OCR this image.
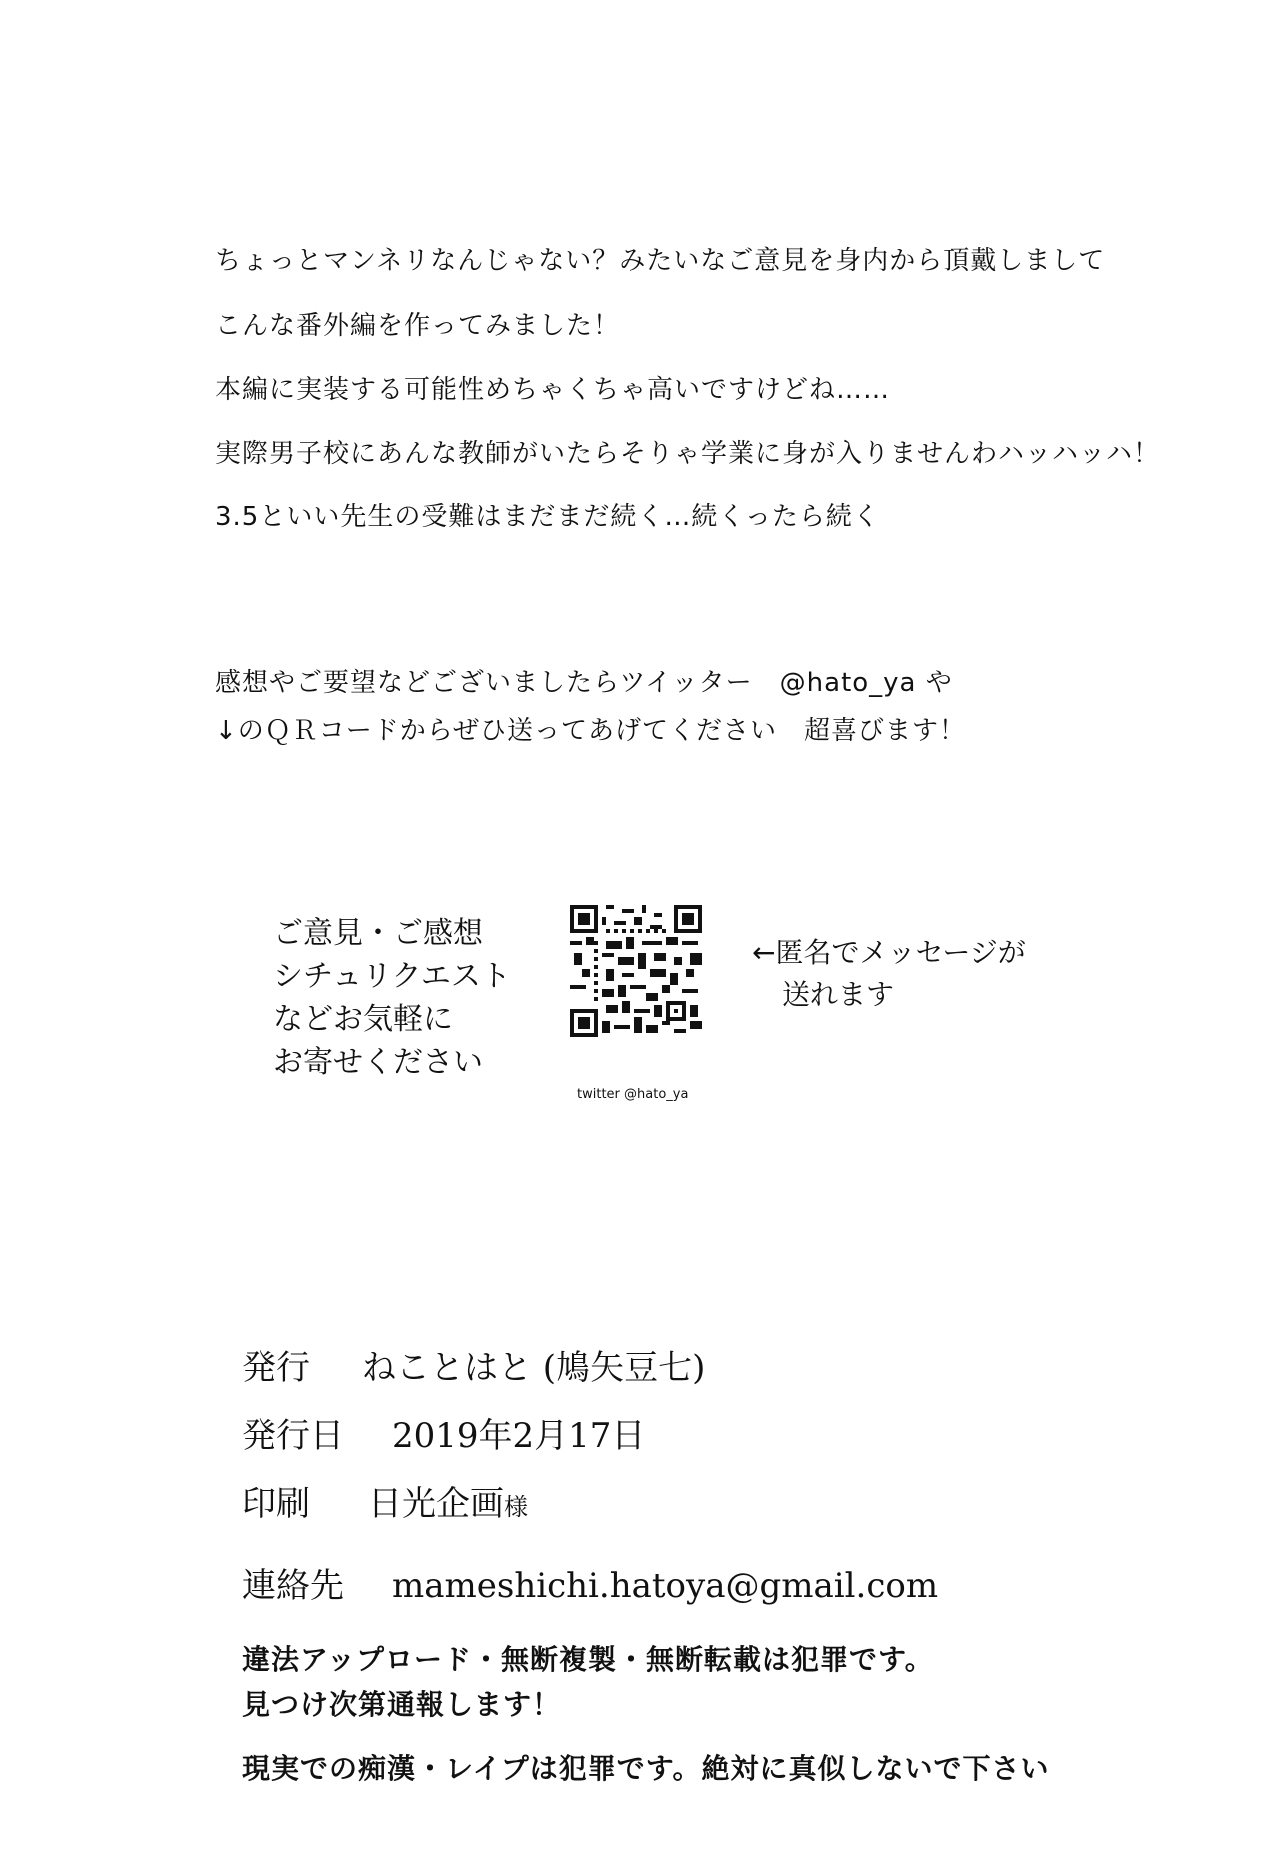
ちょっとマンネリなんじゃない？みたいなご意見を身内から頂戴しまして
こんな番外編を作ってみました！
本編に実装する可能性めちゃくちゃ高いですけどね……
実際男子校にあんな教師がいたらそりゃ学業に身が入りませんわハッハッハ！
3.5といい先生の受難はまだまだ続く…続くったら続く
感想やご要望などございましたらツイッター　@hato_ya や
↓のＱＲコードからぜひ送ってあげてください　超喜びます！
ご意見・ご感想
シチュリクエスト
などお気軽に
お寄せください
twitter @hato_ya
←匿名でメッセージが
送れます
発行 ねことはと (鳩矢豆七)
発行日 2019年2月17日
印刷 日光企画様
連絡先 mameshichi.hatoya@gmail.com
違法アップロード・無断複製・無断転載は犯罪です。
見つけ次第通報します！
現実での痴漢・レイプは犯罪です。絶対に真似しないで下さい
